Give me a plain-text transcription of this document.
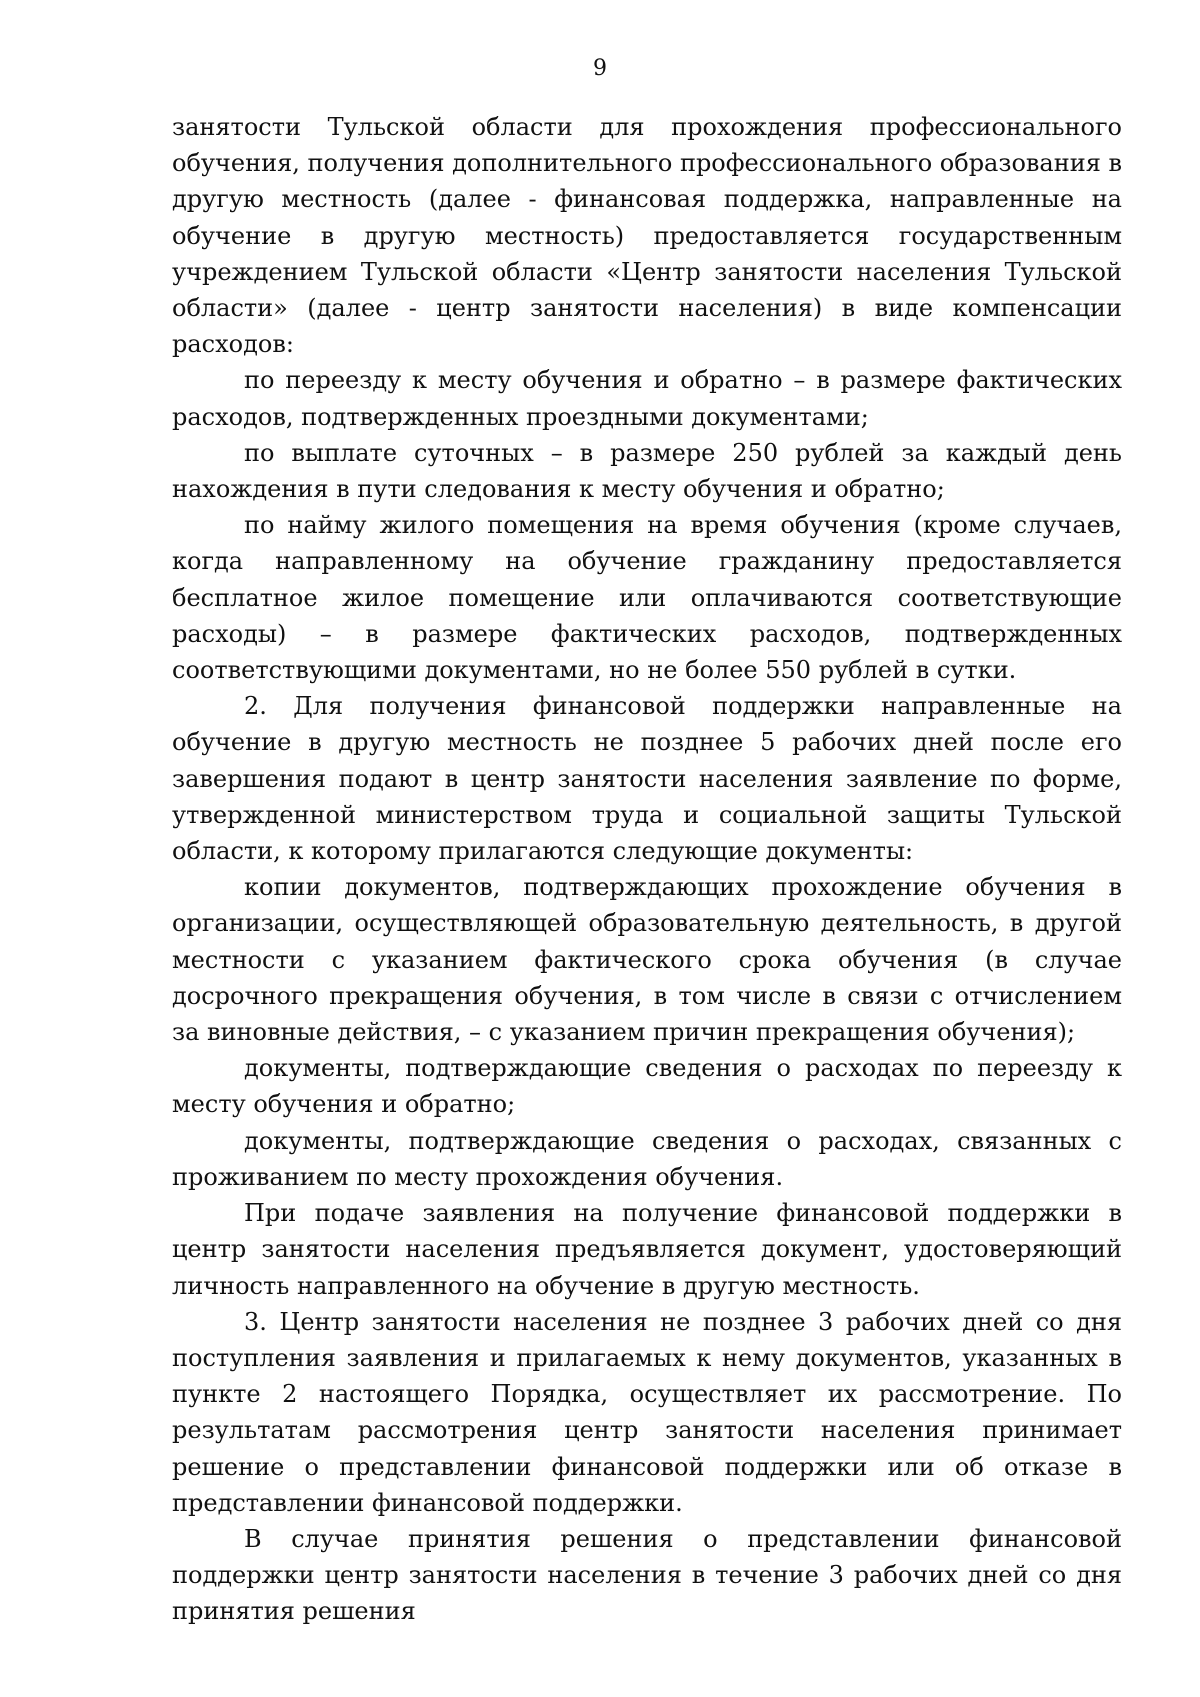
9

занятости Тульской области для прохождения профессионального обучения, получения дополнительного профессионального образования в другую местность (далее - финансовая поддержка, направленные на обучение в другую местность) предоставляется государственным учреждением Тульской области «Центр занятости населения Тульской области» (далее - центр занятости населения) в виде компенсации расходов:

по переезду к месту обучения и обратно – в размере фактических расходов, подтвержденных проездными документами;

по выплате суточных – в размере 250 рублей за каждый день нахождения в пути следования к месту обучения и обратно;

по найму жилого помещения на время обучения (кроме случаев, когда направленному на обучение гражданину предоставляется бесплатное жилое помещение или оплачиваются соответствующие расходы) – в размере фактических расходов, подтвержденных соответствующими документами, но не более 550 рублей в сутки.

2. Для получения финансовой поддержки направленные на обучение в другую местность не позднее 5 рабочих дней после его завершения подают в центр занятости населения заявление по форме, утвержденной министерством труда и социальной защиты Тульской области, к которому прилагаются следующие документы:

копии документов, подтверждающих прохождение обучения в организации, осуществляющей образовательную деятельность, в другой местности с указанием фактического срока обучения (в случае досрочного прекращения обучения, в том числе в связи с отчислением за виновные действия, – с указанием причин прекращения обучения);

документы, подтверждающие сведения о расходах по переезду к месту обучения и обратно;

документы, подтверждающие сведения о расходах, связанных с проживанием по месту прохождения обучения.

При подаче заявления на получение финансовой поддержки в центр занятости населения предъявляется документ, удостоверяющий личность направленного на обучение в другую местность.

3. Центр занятости населения не позднее 3 рабочих дней со дня поступления заявления и прилагаемых к нему документов, указанных в пункте 2 настоящего Порядка, осуществляет их рассмотрение. По результатам рассмотрения центр занятости населения принимает решение о представлении финансовой поддержки или об отказе в представлении финансовой поддержки.

В случае принятия решения о представлении финансовой поддержки центр занятости населения в течение 3 рабочих дней со дня принятия решения
